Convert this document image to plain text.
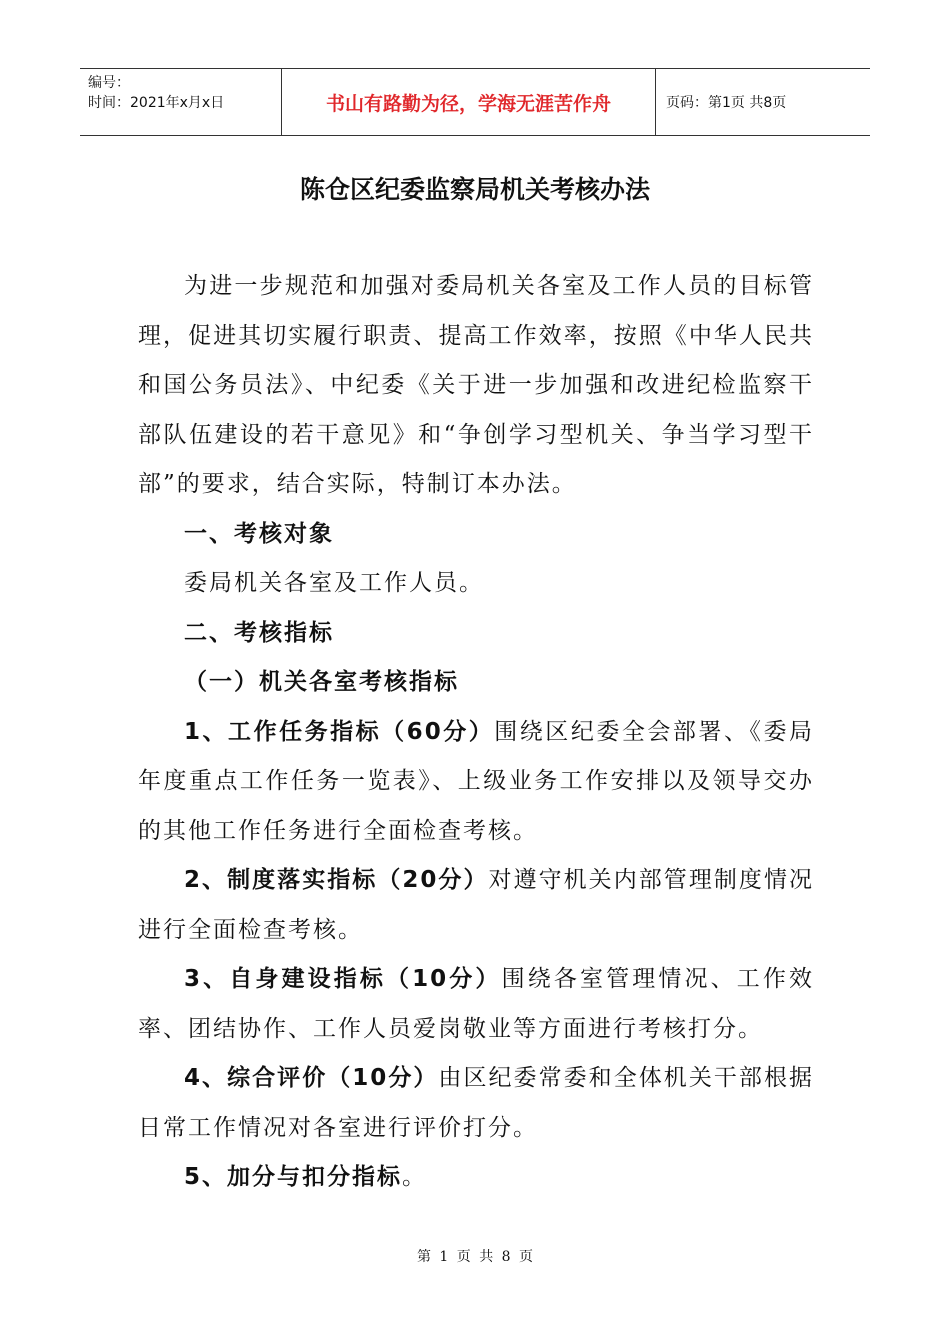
编号：
时间：2021年x月x日	书山有路勤为径，学海无涯苦作舟	页码：第1页 共8页
陈仓区纪委监察局机关考核办法

为进一步规范和加强对委局机关各室及工作人员的目标管理，促进其切实履行职责、提高工作效率，按照《中华人民共和国公务员法》、中纪委《关于进一步加强和改进纪检监察干部队伍建设的若干意见》和“争创学习型机关、争当学习型干部”的要求，结合实际，特制订本办法。

一、考核对象

委局机关各室及工作人员。

二、考核指标

（一）机关各室考核指标

1、工作任务指标（60分）围绕区纪委全会部署、《委局年度重点工作任务一览表》、上级业务工作安排以及领导交办的其他工作任务进行全面检查考核。

2、制度落实指标（20分）对遵守机关内部管理制度情况进行全面检查考核。

3、自身建设指标（10分）围绕各室管理情况、工作效率、团结协作、工作人员爱岗敬业等方面进行考核打分。

4、综合评价（10分）由区纪委常委和全体机关干部根据日常工作情况对各室进行评价打分。

5、加分与扣分指标。

第 1 页 共 8 页
